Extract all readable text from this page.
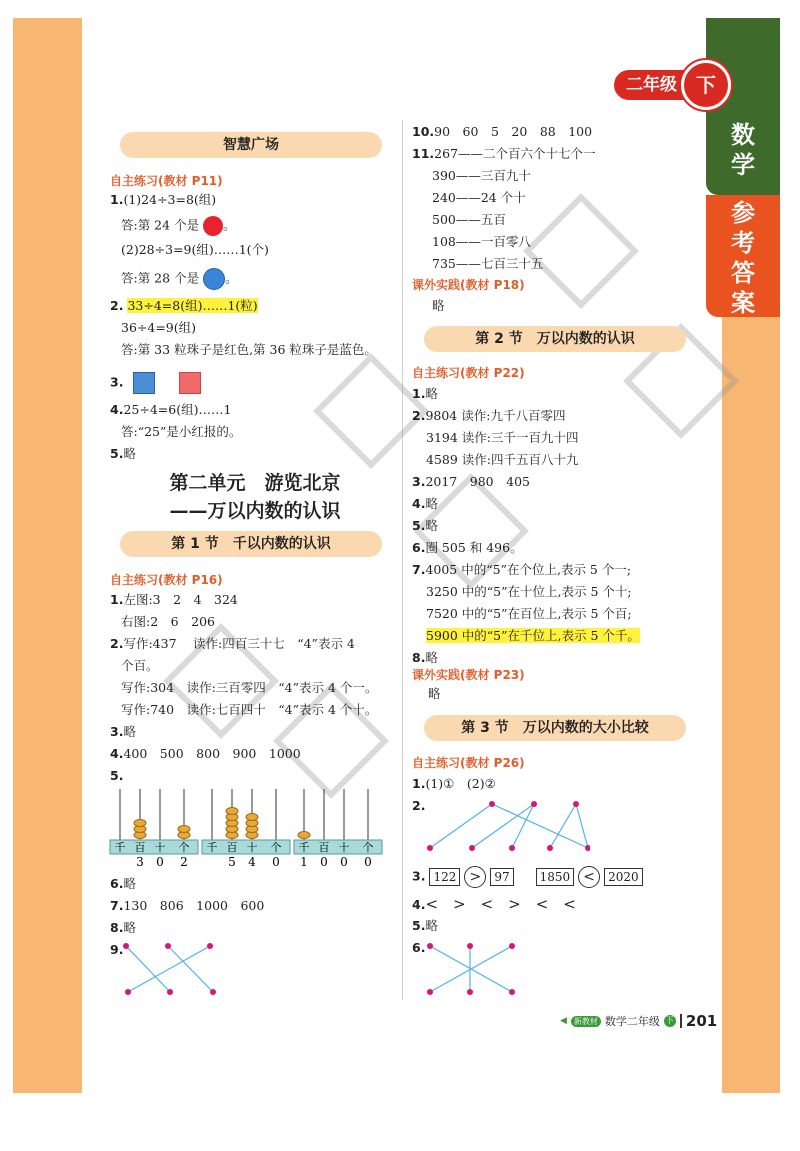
数
学
参
考
答
案
二年级 下
智慧广场
自主练习(教材 P11)
1.(1)24÷3=8(组)
答:第 24 个是 。
(2)28÷3=9(组)……1(个)
答:第 28 个是 。
2. 33÷4=8(组)……1(粒)
36÷4=9(组)
答:第 33 粒珠子是红色,第 36 粒珠子是蓝色。
3.
4.25÷4=6(组)……1
答:“25”是小红报的。
5.略
第二单元　游览北京
——万以内数的认识
第 1 节　千以内数的认识
自主练习(教材 P16)
1.左图:3　2　4　324
右图:2　6　206
2.写作:437　 读作:四百三十七　“4”表示 4
个百。
写作:304　读作:三百零四　“4”表示 4 个一。
写作:740　读作:七百四十　“4”表示 4 个十。
3.略
4.400　500　800　900　1000
5.
千 百 十 个
3 0 2
千 百 十 个
5 4 0
千 百 十 个
1 0 0 0
6.略
7.130　806　1000　600
8.略
9.
10.90　60　5　20　88　100
11.267——二个百六个十七个一
390——三百九十
240——24 个十
500——五百
108——一百零八
735——七百三十五
课外实践(教材 P18)
略
第 2 节　万以内数的认识
自主练习(教材 P22)
1.略
2.9804 读作:九千八百零四
3194 读作:三千一百九十四
4589 读作:四千五百八十九
3.2017　980　405
4.略
5.略
6.圈 505 和 496。
7.4005 中的“5”在个位上,表示 5 个一;
3250 中的“5”在十位上,表示 5 个十;
7520 中的“5”在百位上,表示 5 个百;
5900 中的“5”在千位上,表示 5 个千。
8.略
课外实践(教材 P23)
略
第 3 节　万以内数的大小比较
自主练习(教材 P26)
1.(1)①　(2)②
2.
3. 122 > 97 1850 < 2020
4.<　>　<　>　<　<
5.略
6.
◀ 新教材 数学二年级 下 201
